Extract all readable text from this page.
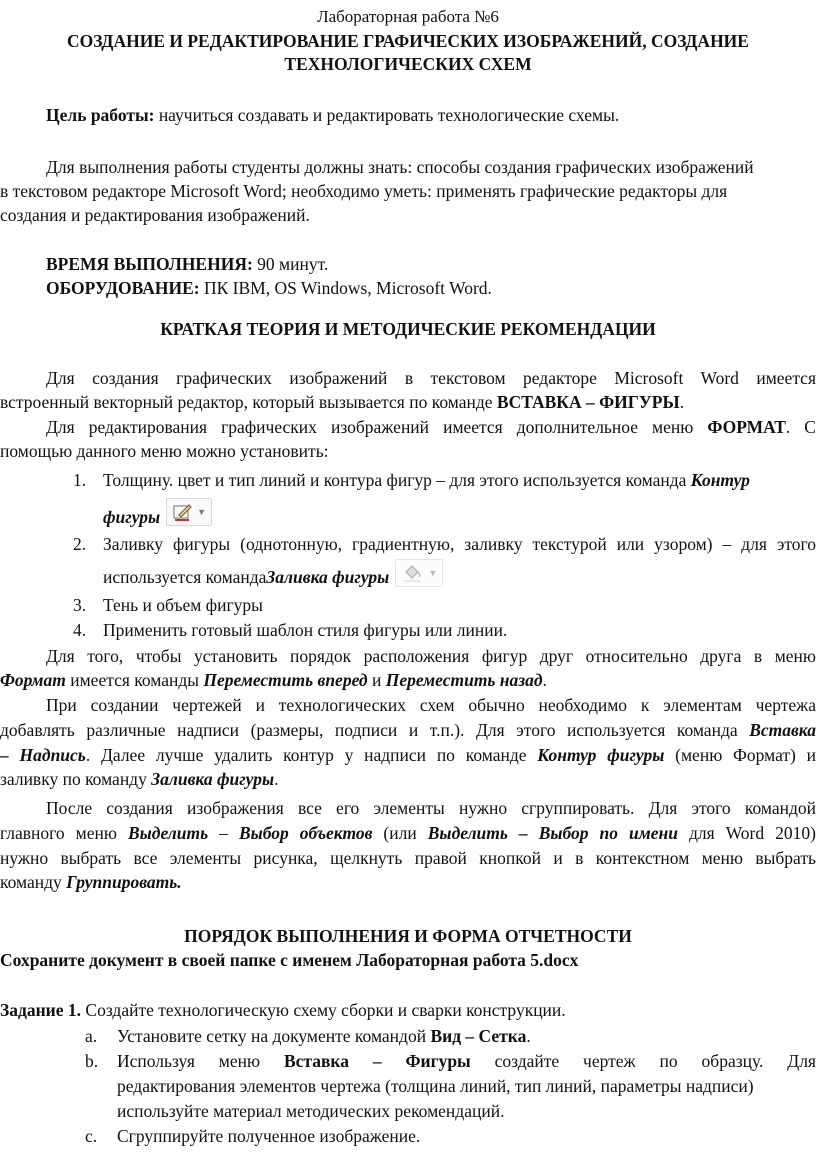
Лабораторная работа №6
СОЗДАНИЕ И РЕДАКТИРОВАНИЕ ГРАФИЧЕСКИХ ИЗОБРАЖЕНИЙ, СОЗДАНИЕ
ТЕХНОЛОГИЧЕСКИХ СХЕМ
Цель работы: научиться создавать и редактировать технологические схемы.
Для выполнения работы студенты должны знать: способы создания графических изображений
в текстовом редакторе Microsoft Word; необходимо уметь: применять графические редакторы для
создания и редактирования изображений.
ВРЕМЯ ВЫПОЛНЕНИЯ: 90 минут.
ОБОРУДОВАНИЕ: ПК IBM, OS Windows, Microsoft Word.
КРАТКАЯ ТЕОРИЯ И МЕТОДИЧЕСКИЕ РЕКОМЕНДАЦИИ
Для создания графических изображений в текстовом редакторе Microsoft Word имеется
встроенный векторный редактор, который вызывается по команде ВСТАВКА – ФИГУРЫ.
Для редактирования графических изображений имеется дополнительное меню ФОРМАТ. С
помощью данного меню можно установить:
1. Толщину. цвет и тип линий и контура фигур – для этого используется команда Контур
фигуры	▼
2. Заливку фигуры (однотонную, градиентную, заливку текстурой или узором) – для этого
используется команда Заливка фигуры	▼
3. Тень и объем фигуры
4. Применить готовый шаблон стиля фигуры или линии.
Для того, чтобы установить порядок расположения фигур друг относительно друга в меню
Формат имеется команды Переместить вперед и Переместить назад.
При создании чертежей и технологических схем обычно необходимо к элементам чертежа
добавлять различные надписи (размеры, подписи и т.п.). Для этого используется команда Вставка
– Надпись. Далее лучше удалить контур у надписи по команде Контур фигуры (меню Формат) и
заливку по команду Заливка фигуры.
После создания изображения все его элементы нужно сгруппировать. Для этого командой
главного меню Выделить – Выбор объектов (или Выделить – Выбор по имени для Word 2010)
нужно выбрать все элементы рисунка, щелкнуть правой кнопкой и в контекстном меню выбрать
команду Группировать.
ПОРЯДОК ВЫПОЛНЕНИЯ И ФОРМА ОТЧЕТНОСТИ
Сохраните документ в своей папке с именем Лабораторная работа 5.docx
Задание 1. Создайте технологическую схему сборки и сварки конструкции.
a. Установите сетку на документе командой Вид – Сетка.
b. Используя меню Вставка – Фигуры создайте чертеж по образцу. Для
редактирования элементов чертежа (толщина линий, тип линий, параметры надписи)
используйте материал методических рекомендаций.
c. Сгруппируйте полученное изображение.
